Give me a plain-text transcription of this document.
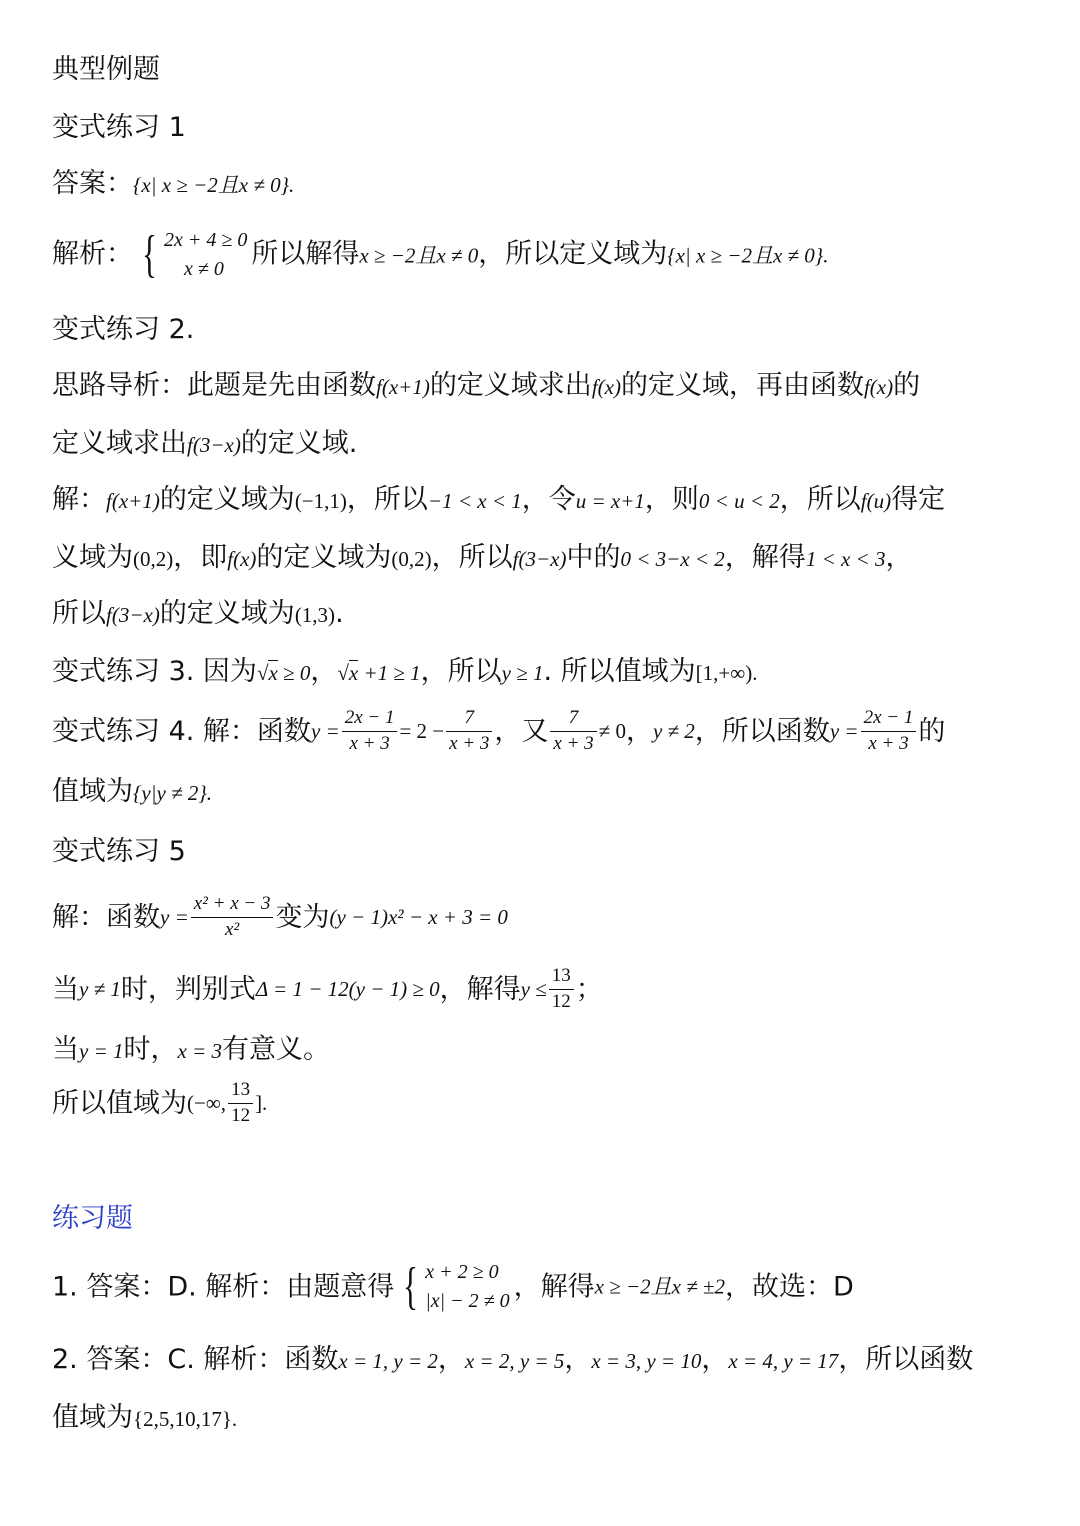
典型例题
变式练习 1
答案：{x| x ≥ −2且x ≠ 0}.
解析： { 2x + 4 ≥ 0
x ≠ 0	所以解得x ≥ −2且x ≠ 0，所以定义域为{x| x ≥ −2且x ≠ 0}.
变式练习 2.
思路导析：此题是先由函数f(x+1)的定义域求出f(x)的定义域，再由函数f(x)的
定义域求出f(3−x)的定义域.
解：f(x+1)的定义域为(−1,1)，所以−1 < x < 1，令u = x+1，则0 < u < 2，所以f(u)得定
义域为(0,2)，即f(x)的定义域为(0,2)，所以f(3−x)中的0 < 3−x < 2，解得1 < x < 3，
所以f(3−x)的定义域为(1,3).
变式练习 3. 因为√x ≥ 0，√x +1 ≥ 1，所以y ≥ 1. 所以值域为[1,+∞).
变式练习 4. 解：函数$y = \frac{2x - 1}{x + 3} = 2 - \frac{7}{x + 3}$ ，又 $\frac{7}{x + 3} \ne 0$，y ≠ 2，所以函数$y = \frac{2x - 1}{x + 3}$ 的
值域为{y|y ≠ 2}.
变式练习 5
解：函数$y = \frac{\text{x² + x − 3}}{\text{x²}}$ 变为(y − 1)x² − x + 3 = 0
当y ≠ 1时，判别式Δ = 1 − 12(y − 1) ≥ 0，解得$y \le \frac{13}{12}$ ；
当y = 1时，x = 3有意义。
所以值域为(−∞, $\frac{13}{12}$ ].
练习题
1. 答案：D. 解析：由题意得 { x + 2 ≥ 0
|x| − 2 ≠ 0 ，解得x ≥ −2且x ≠ ±2，故选：D
2. 答案：C. 解析：函数x = 1, y = 2，x = 2, y = 5，x = 3, y = 10，x = 4, y = 17，所以函数
值域为{2,5,10,17}.
